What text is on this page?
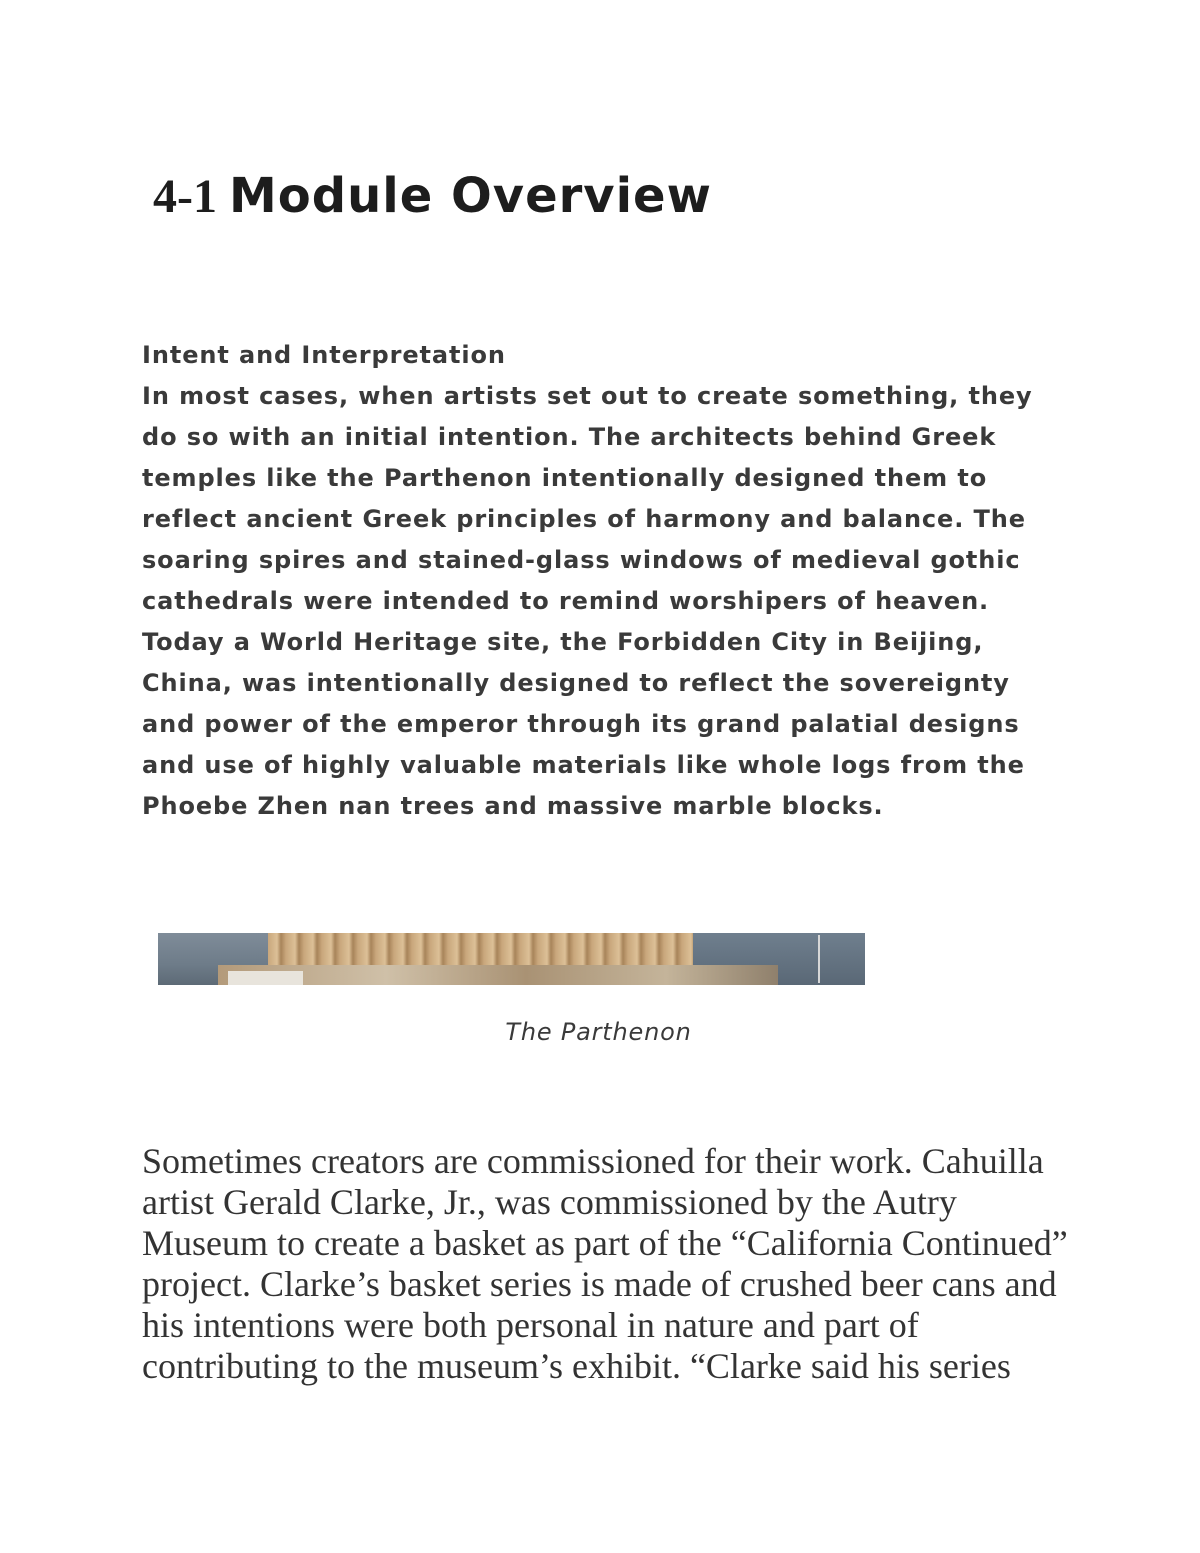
4-1 Module Overview

Intent and Interpretation

In most cases, when artists set out to create something, they do so with an initial intention. The architects behind Greek temples like the Parthenon intentionally designed them to reflect ancient Greek principles of harmony and balance. The soaring spires and stained-glass windows of medieval gothic cathedrals were intended to remind worshipers of heaven. Today a World Heritage site, the Forbidden City in Beijing, China, was intentionally designed to reflect the sovereignty and power of the emperor through its grand palatial designs and use of highly valuable materials like whole logs from the Phoebe Zhen nan trees and massive marble blocks.

The Parthenon

Sometimes creators are commissioned for their work. Cahuilla artist Gerald Clarke, Jr., was commissioned by the Autry Museum to create a basket as part of the “California Continued” project. Clarke’s basket series is made of crushed beer cans and his intentions were both personal in nature and part of contributing to the museum’s exhibit. “Clarke said his series
